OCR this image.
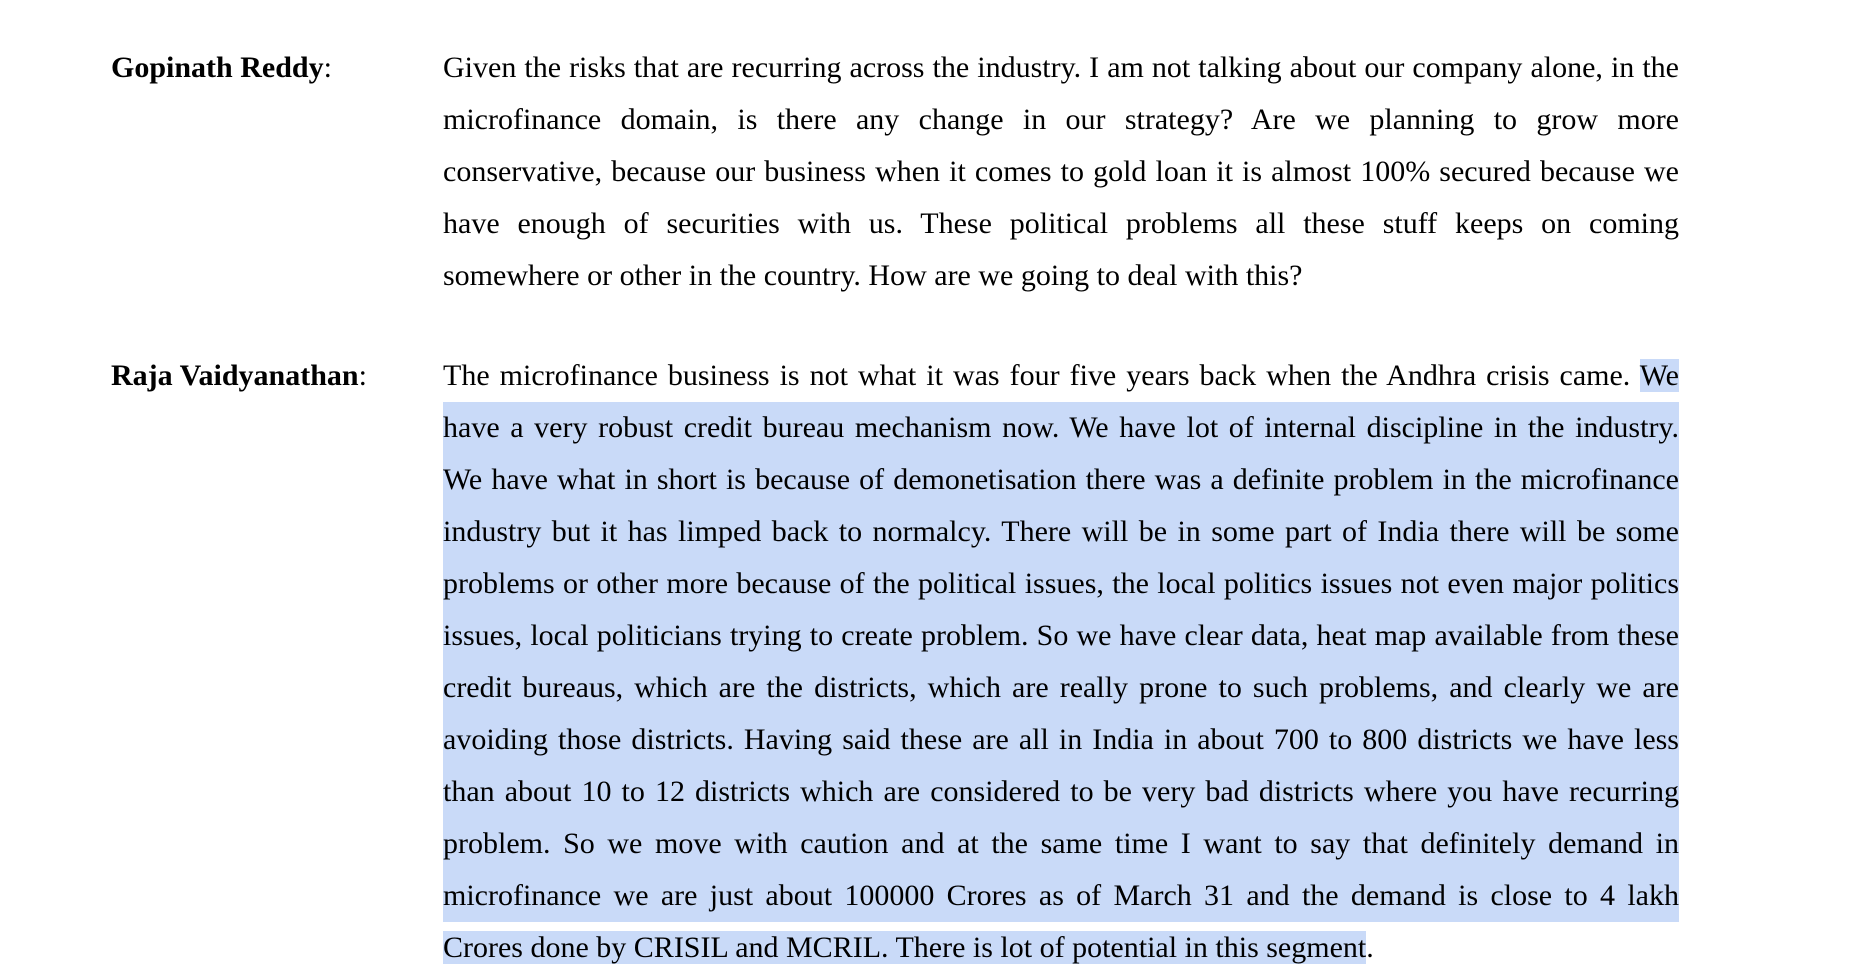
Gopinath Reddy:	Given the risks that are recurring across the industry. I am not talking about our company alone, in the
microfinance domain, is there any change in our strategy? Are we planning to grow more
conservative, because our business when it comes to gold loan it is almost 100% secured because we
have enough of securities with us. These political problems all these stuff keeps on coming
somewhere or other in the country. How are we going to deal with this?
Raja Vaidyanathan:	The microfinance business is not what it was four five years back when the Andhra crisis came. We
have a very robust credit bureau mechanism now. We have lot of internal discipline in the industry.
We have what in short is because of demonetisation there was a definite problem in the microfinance
industry but it has limped back to normalcy. There will be in some part of India there will be some
problems or other more because of the political issues, the local politics issues not even major politics
issues, local politicians trying to create problem. So we have clear data, heat map available from these
credit bureaus, which are the districts, which are really prone to such problems, and clearly we are
avoiding those districts. Having said these are all in India in about 700 to 800 districts we have less
than about 10 to 12 districts which are considered to be very bad districts where you have recurring
problem. So we move with caution and at the same time I want to say that definitely demand in
microfinance we are just about 100000 Crores as of March 31 and the demand is close to 4 lakh
Crores done by CRISIL and MCRIL. There is lot of potential in this segment.
